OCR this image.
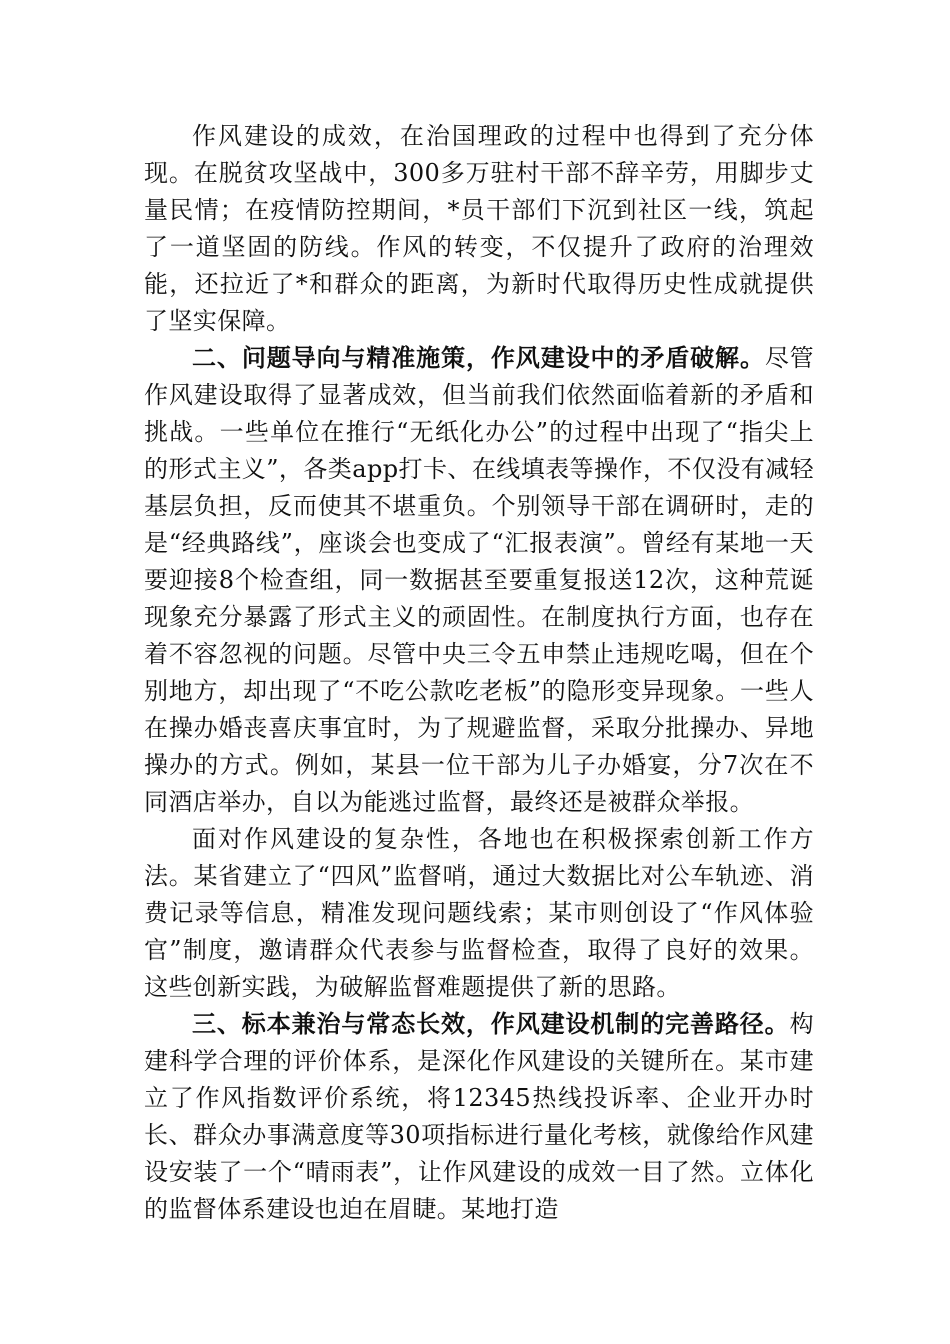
作风建设的成效，在治国理政的过程中也得到了充分体现。在脱贫攻坚战中，300多万驻村干部不辞辛劳，用脚步丈量民情；在疫情防控期间，*员干部们下沉到社区一线，筑起了一道坚固的防线。作风的转变，不仅提升了政府的治理效能，还拉近了*和群众的距离，为新时代取得历史性成就提供了坚实保障。

二、问题导向与精准施策，作风建设中的矛盾破解。尽管作风建设取得了显著成效，但当前我们依然面临着新的矛盾和挑战。一些单位在推行“无纸化办公”的过程中出现了“指尖上的形式主义”，各类app打卡、在线填表等操作，不仅没有减轻基层负担，反而使其不堪重负。个别领导干部在调研时，走的是“经典路线”，座谈会也变成了“汇报表演”。曾经有某地一天要迎接8个检查组，同一数据甚至要重复报送12次，这种荒诞现象充分暴露了形式主义的顽固性。在制度执行方面，也存在着不容忽视的问题。尽管中央三令五申禁止违规吃喝，但在个别地方，却出现了“不吃公款吃老板”的隐形变异现象。一些人在操办婚丧喜庆事宜时，为了规避监督，采取分批操办、异地操办的方式。例如，某县一位干部为儿子办婚宴，分7次在不同酒店举办，自以为能逃过监督，最终还是被群众举报。

面对作风建设的复杂性，各地也在积极探索创新工作方法。某省建立了“四风”监督哨，通过大数据比对公车轨迹、消费记录等信息，精准发现问题线索；某市则创设了“作风体验官”制度，邀请群众代表参与监督检查，取得了良好的效果。这些创新实践，为破解监督难题提供了新的思路。

三、标本兼治与常态长效，作风建设机制的完善路径。构建科学合理的评价体系，是深化作风建设的关键所在。某市建立了作风指数评价系统，将12345热线投诉率、企业开办时长、群众办事满意度等30项指标进行量化考核，就像给作风建设安装了一个“晴雨表”，让作风建设的成效一目了然。立体化的监督体系建设也迫在眉睫。某地打造
